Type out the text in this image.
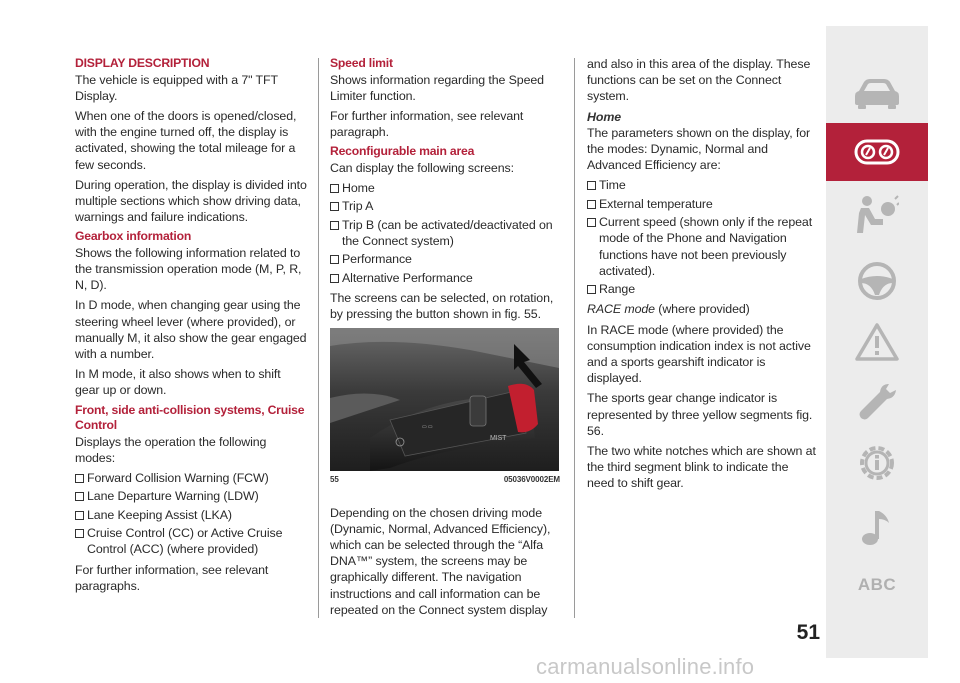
DISPLAY DESCRIPTION
The vehicle is equipped with a 7" TFT Display.
When one of the doors is opened/closed, with the engine turned off, the display is activated, showing the total mileage for a few seconds.
During operation, the display is divided into multiple sections which show driving data, warnings and failure indications.
Gearbox information
Shows the following information related to the transmission operation mode (M, P, R, N, D).
In D mode, when changing gear using the steering wheel lever (where provided), or manually M, it also show the gear engaged with a number.
In M mode, it also shows when to shift gear up or down.
Front, side anti-collision systems, Cruise Control
Displays the operation the following modes:
Forward Collision Warning (FCW)
Lane Departure Warning (LDW)
Lane Keeping Assist (LKA)
Cruise Control (CC) or Active Cruise Control (ACC) (where provided)
For further information, see relevant paragraphs.
Speed limit
Shows information regarding the Speed Limiter function.
For further information, see relevant paragraph.
Reconfigurable main area
Can display the following screens:
Home
Trip A
Trip B (can be activated/deactivated on the Connect system)
Performance
Alternative Performance
The screens can be selected, on rotation, by pressing the button shown in fig. 55.
▭ ▭
MIST
55	05036V0002EM
Depending on the chosen driving mode (Dynamic, Normal, Advanced Efficiency), which can be selected through the “Alfa DNA™” system, the screens may be graphically different. The navigation instructions and call information can be repeated on the Connect system display
and also in this area of the display. These functions can be set on the Connect system.
Home
The parameters shown on the display, for the modes: Dynamic, Normal and Advanced Efficiency are:
Time
External temperature
Current speed (shown only if the repeat mode of the Phone and Navigation functions have not been previously activated).
Range
RACE mode (where provided)
In RACE mode (where provided) the consumption indication index is not active and a sports gearshift indicator is displayed.
The sports gear change indicator is represented by three yellow segments fig. 56.
The two white notches which are shown at the third segment blink to indicate the need to shift gear.
ABC
51
carmanualsonline.info
